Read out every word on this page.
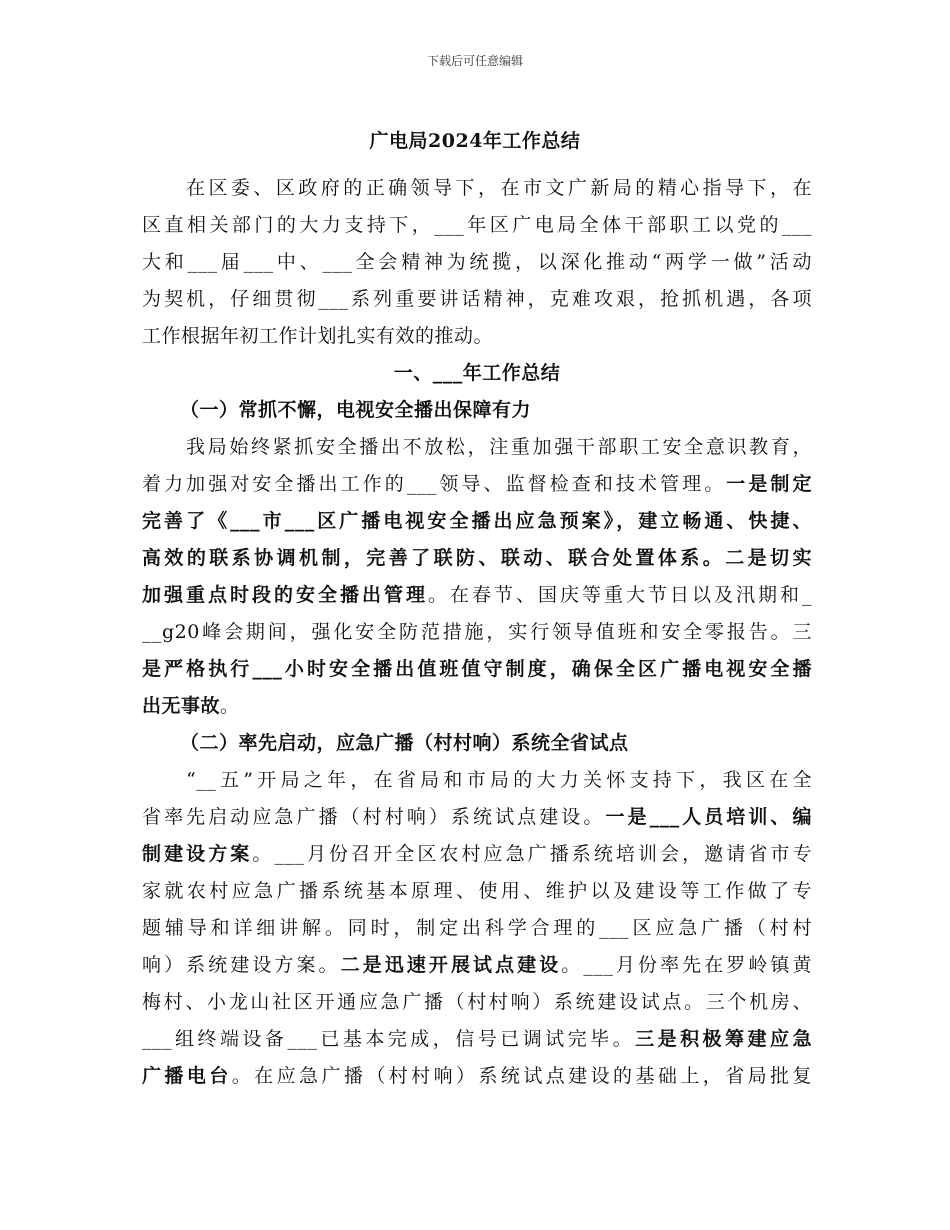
下载后可任意编辑
广电局2024年工作总结
在区委、区政府的正确领导下，在市文广新局的精心指导下，在
区直相关部门的大力支持下，___年区广电局全体干部职工以党的___
大和___届___中、___全会精神为统揽，以深化推动“两学一做”活动
为契机，仔细贯彻___系列重要讲话精神，克难攻艰，抢抓机遇，各项
工作根据年初工作计划扎实有效的推动。
一、___年工作总结
（一）常抓不懈，电视安全播出保障有力
我局始终紧抓安全播出不放松，注重加强干部职工安全意识教育，
着力加强对安全播出工作的___领导、监督检查和技术管理。一是制定
完善了《___市___区广播电视安全播出应急预案》，建立畅通、快捷、
高效的联系协调机制，完善了联防、联动、联合处置体系。二是切实
加强重点时段的安全播出管理。在春节、国庆等重大节日以及汛期和_
__g20峰会期间，强化安全防范措施，实行领导值班和安全零报告。三
是严格执行___小时安全播出值班值守制度，确保全区广播电视安全播
出无事故。
（二）率先启动，应急广播（村村响）系统全省试点
“__五”开局之年，在省局和市局的大力关怀支持下，我区在全
省率先启动应急广播（村村响）系统试点建设。一是___人员培训、编
制建设方案。___月份召开全区农村应急广播系统培训会，邀请省市专
家就农村应急广播系统基本原理、使用、维护以及建设等工作做了专
题辅导和详细讲解。同时，制定出科学合理的___区应急广播（村村
响）系统建设方案。二是迅速开展试点建设。___月份率先在罗岭镇黄
梅村、小龙山社区开通应急广播（村村响）系统建设试点。三个机房、
___组终端设备___已基本完成，信号已调试完毕。三是积极筹建应急
广播电台。在应急广播（村村响）系统试点建设的基础上，省局批复
